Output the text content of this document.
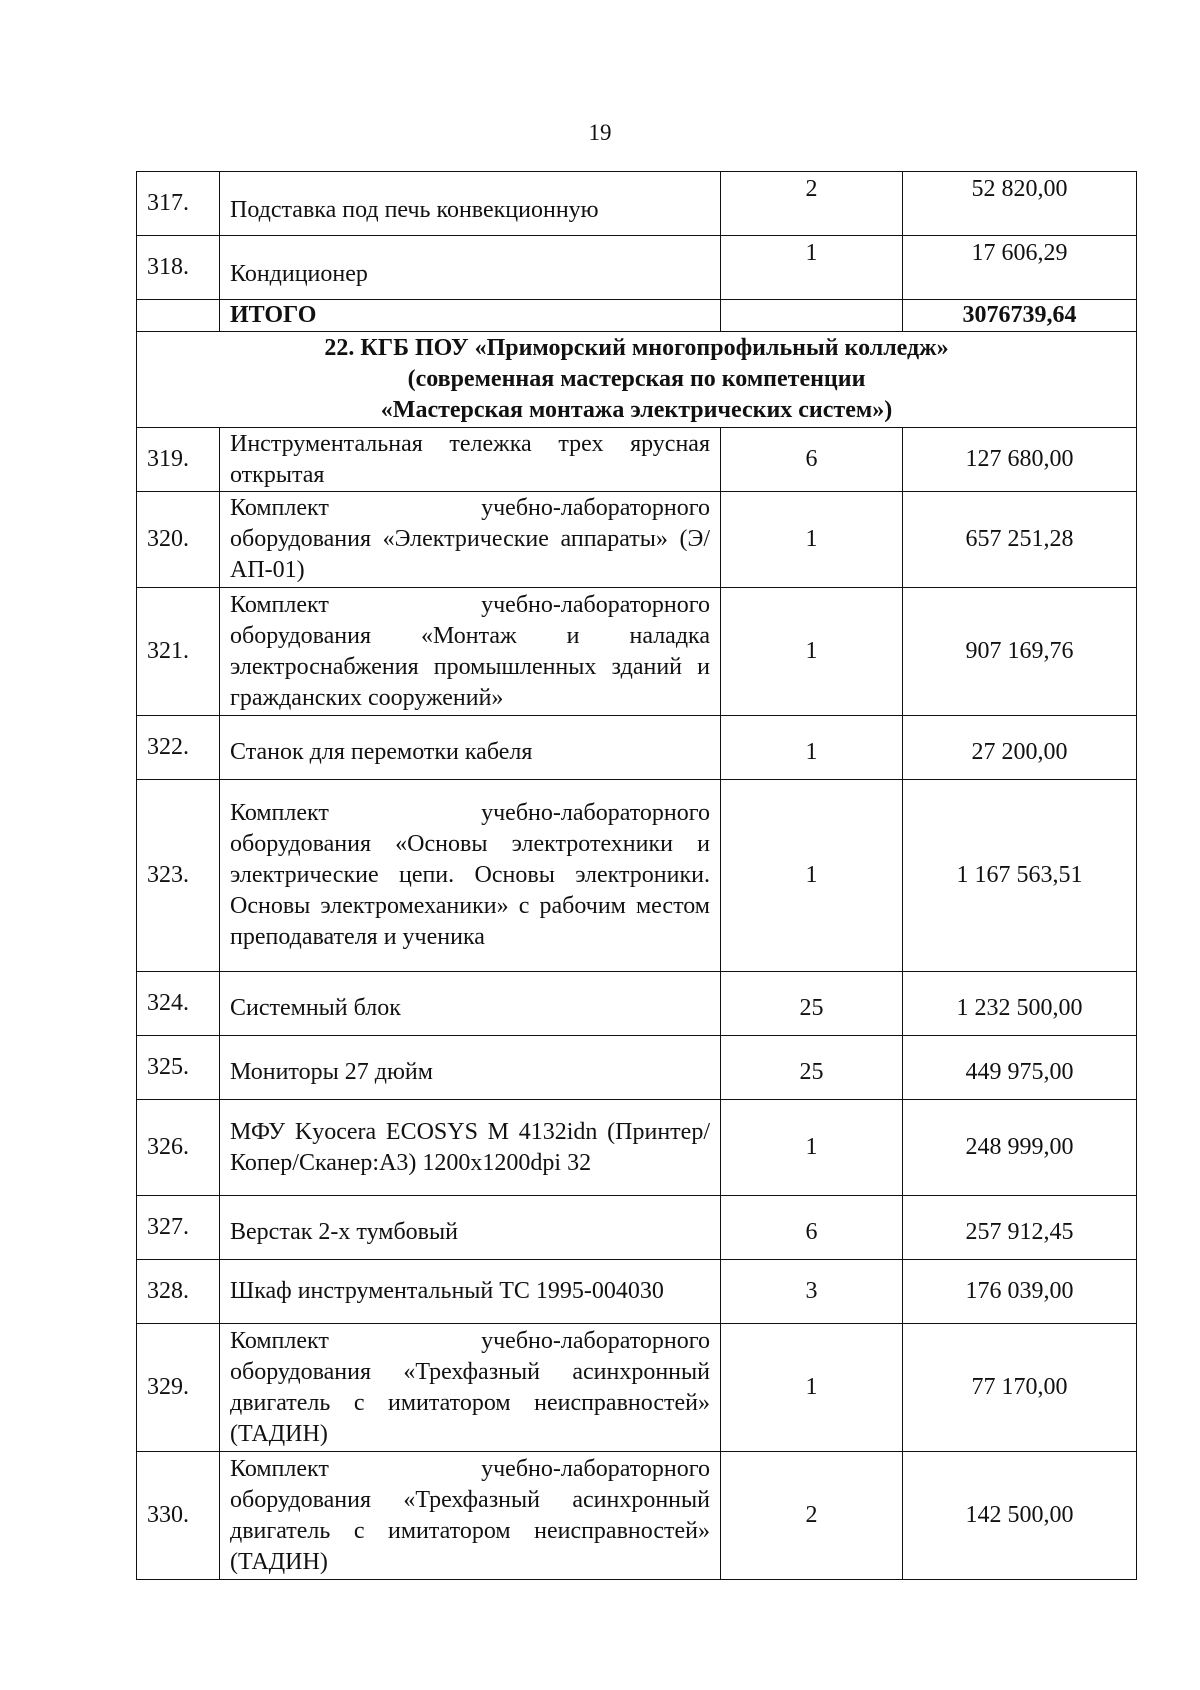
19
317.	Подставка под печь конвекционную	2	52 820,00
318.	Кондиционер	1	17 606,29
	ИТОГО		3076739,64

22. КГБ ПОУ «Приморский многопрофильный колледж»
(современная мастерская по компетенции
«Мастерская монтажа электрических систем»)			

319.	Инструментальная тележка трех ярусная открытая	6	127 680,00
320.	Комплект учебно-лабораторного оборудования «Электрические аппараты» (Э/АП-01)	1	657 251,28
321.	Комплект учебно-лабораторного оборудования «Монтаж и наладка электроснабжения промышленных зданий и гражданских сооружений»	1	907 169,76
322.	Станок для перемотки кабеля	1	27 200,00
323.	Комплект учебно-лабораторного оборудования «Основы электротехники и электрические цепи. Основы электроники. Основы электромеханики» с рабочим местом преподавателя и ученика	1	1 167 563,51
324.	Системный блок	25	1 232 500,00
325.	Мониторы 27 дюйм	25	449 975,00
326.	МФУ Kyocera ECOSYS M 4132idn (Принтер/Копер/Сканер:А3) 1200x1200dpi 32	1	248 999,00
327.	Верстак 2-х тумбовый	6	257 912,45
328.	Шкаф инструментальный ТС 1995-004030	3	176 039,00
329.	Комплект учебно-лабораторного оборудования «Трехфазный асинхронный двигатель с имитатором неисправностей» (ТАДИН)	1	77 170,00
330.	Комплект учебно-лабораторного оборудования «Трехфазный асинхронный двигатель с имитатором неисправностей» (ТАДИН)	2	142 500,00
